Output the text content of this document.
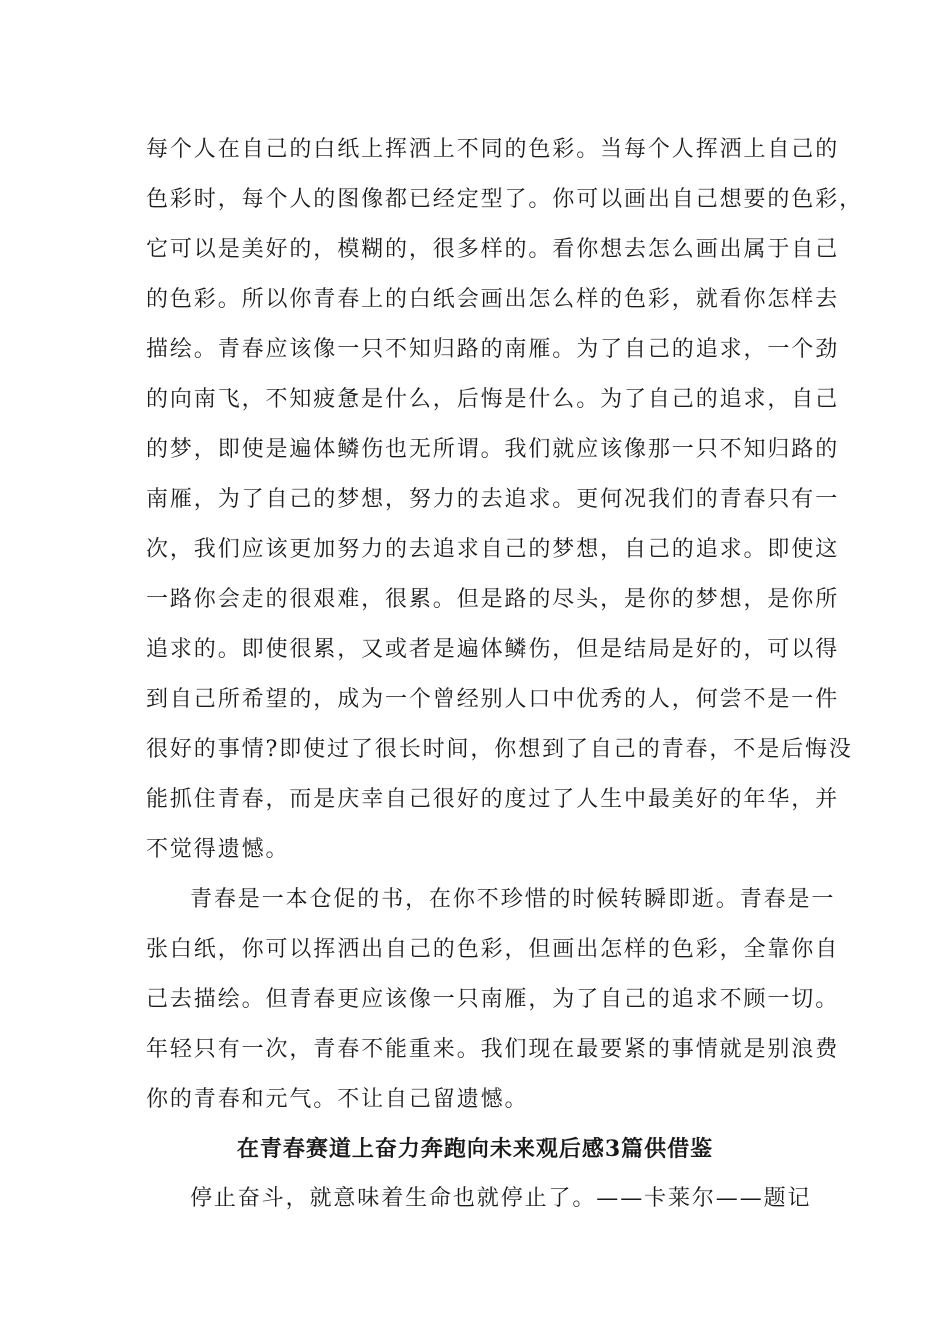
每个人在自己的白纸上挥洒上不同的色彩。当每个人挥洒上自己的
色彩时，每个人的图像都已经定型了。你可以画出自己想要的色彩，
它可以是美好的，模糊的，很多样的。看你想去怎么画出属于自己
的色彩。所以你青春上的白纸会画出怎么样的色彩，就看你怎样去
描绘。青春应该像一只不知归路的南雁。为了自己的追求，一个劲
的向南飞，不知疲惫是什么，后悔是什么。为了自己的追求，自己
的梦，即使是遍体鳞伤也无所谓。我们就应该像那一只不知归路的
南雁，为了自己的梦想，努力的去追求。更何况我们的青春只有一
次，我们应该更加努力的去追求自己的梦想，自己的追求。即使这
一路你会走的很艰难，很累。但是路的尽头，是你的梦想，是你所
追求的。即使很累，又或者是遍体鳞伤，但是结局是好的，可以得
到自己所希望的，成为一个曾经别人口中优秀的人，何尝不是一件
很好的事情?即使过了很长时间，你想到了自己的青春，不是后悔没
能抓住青春，而是庆幸自己很好的度过了人生中最美好的年华，并
不觉得遗憾。
青春是一本仓促的书，在你不珍惜的时候转瞬即逝。青春是一
张白纸，你可以挥洒出自己的色彩，但画出怎样的色彩，全靠你自
己去描绘。但青春更应该像一只南雁，为了自己的追求不顾一切。
年轻只有一次，青春不能重来。我们现在最要紧的事情就是别浪费
你的青春和元气。不让自己留遗憾。
在青春赛道上奋力奔跑向未来观后感3篇供借鉴
停止奋斗，就意味着生命也就停止了。——卡莱尔——题记
